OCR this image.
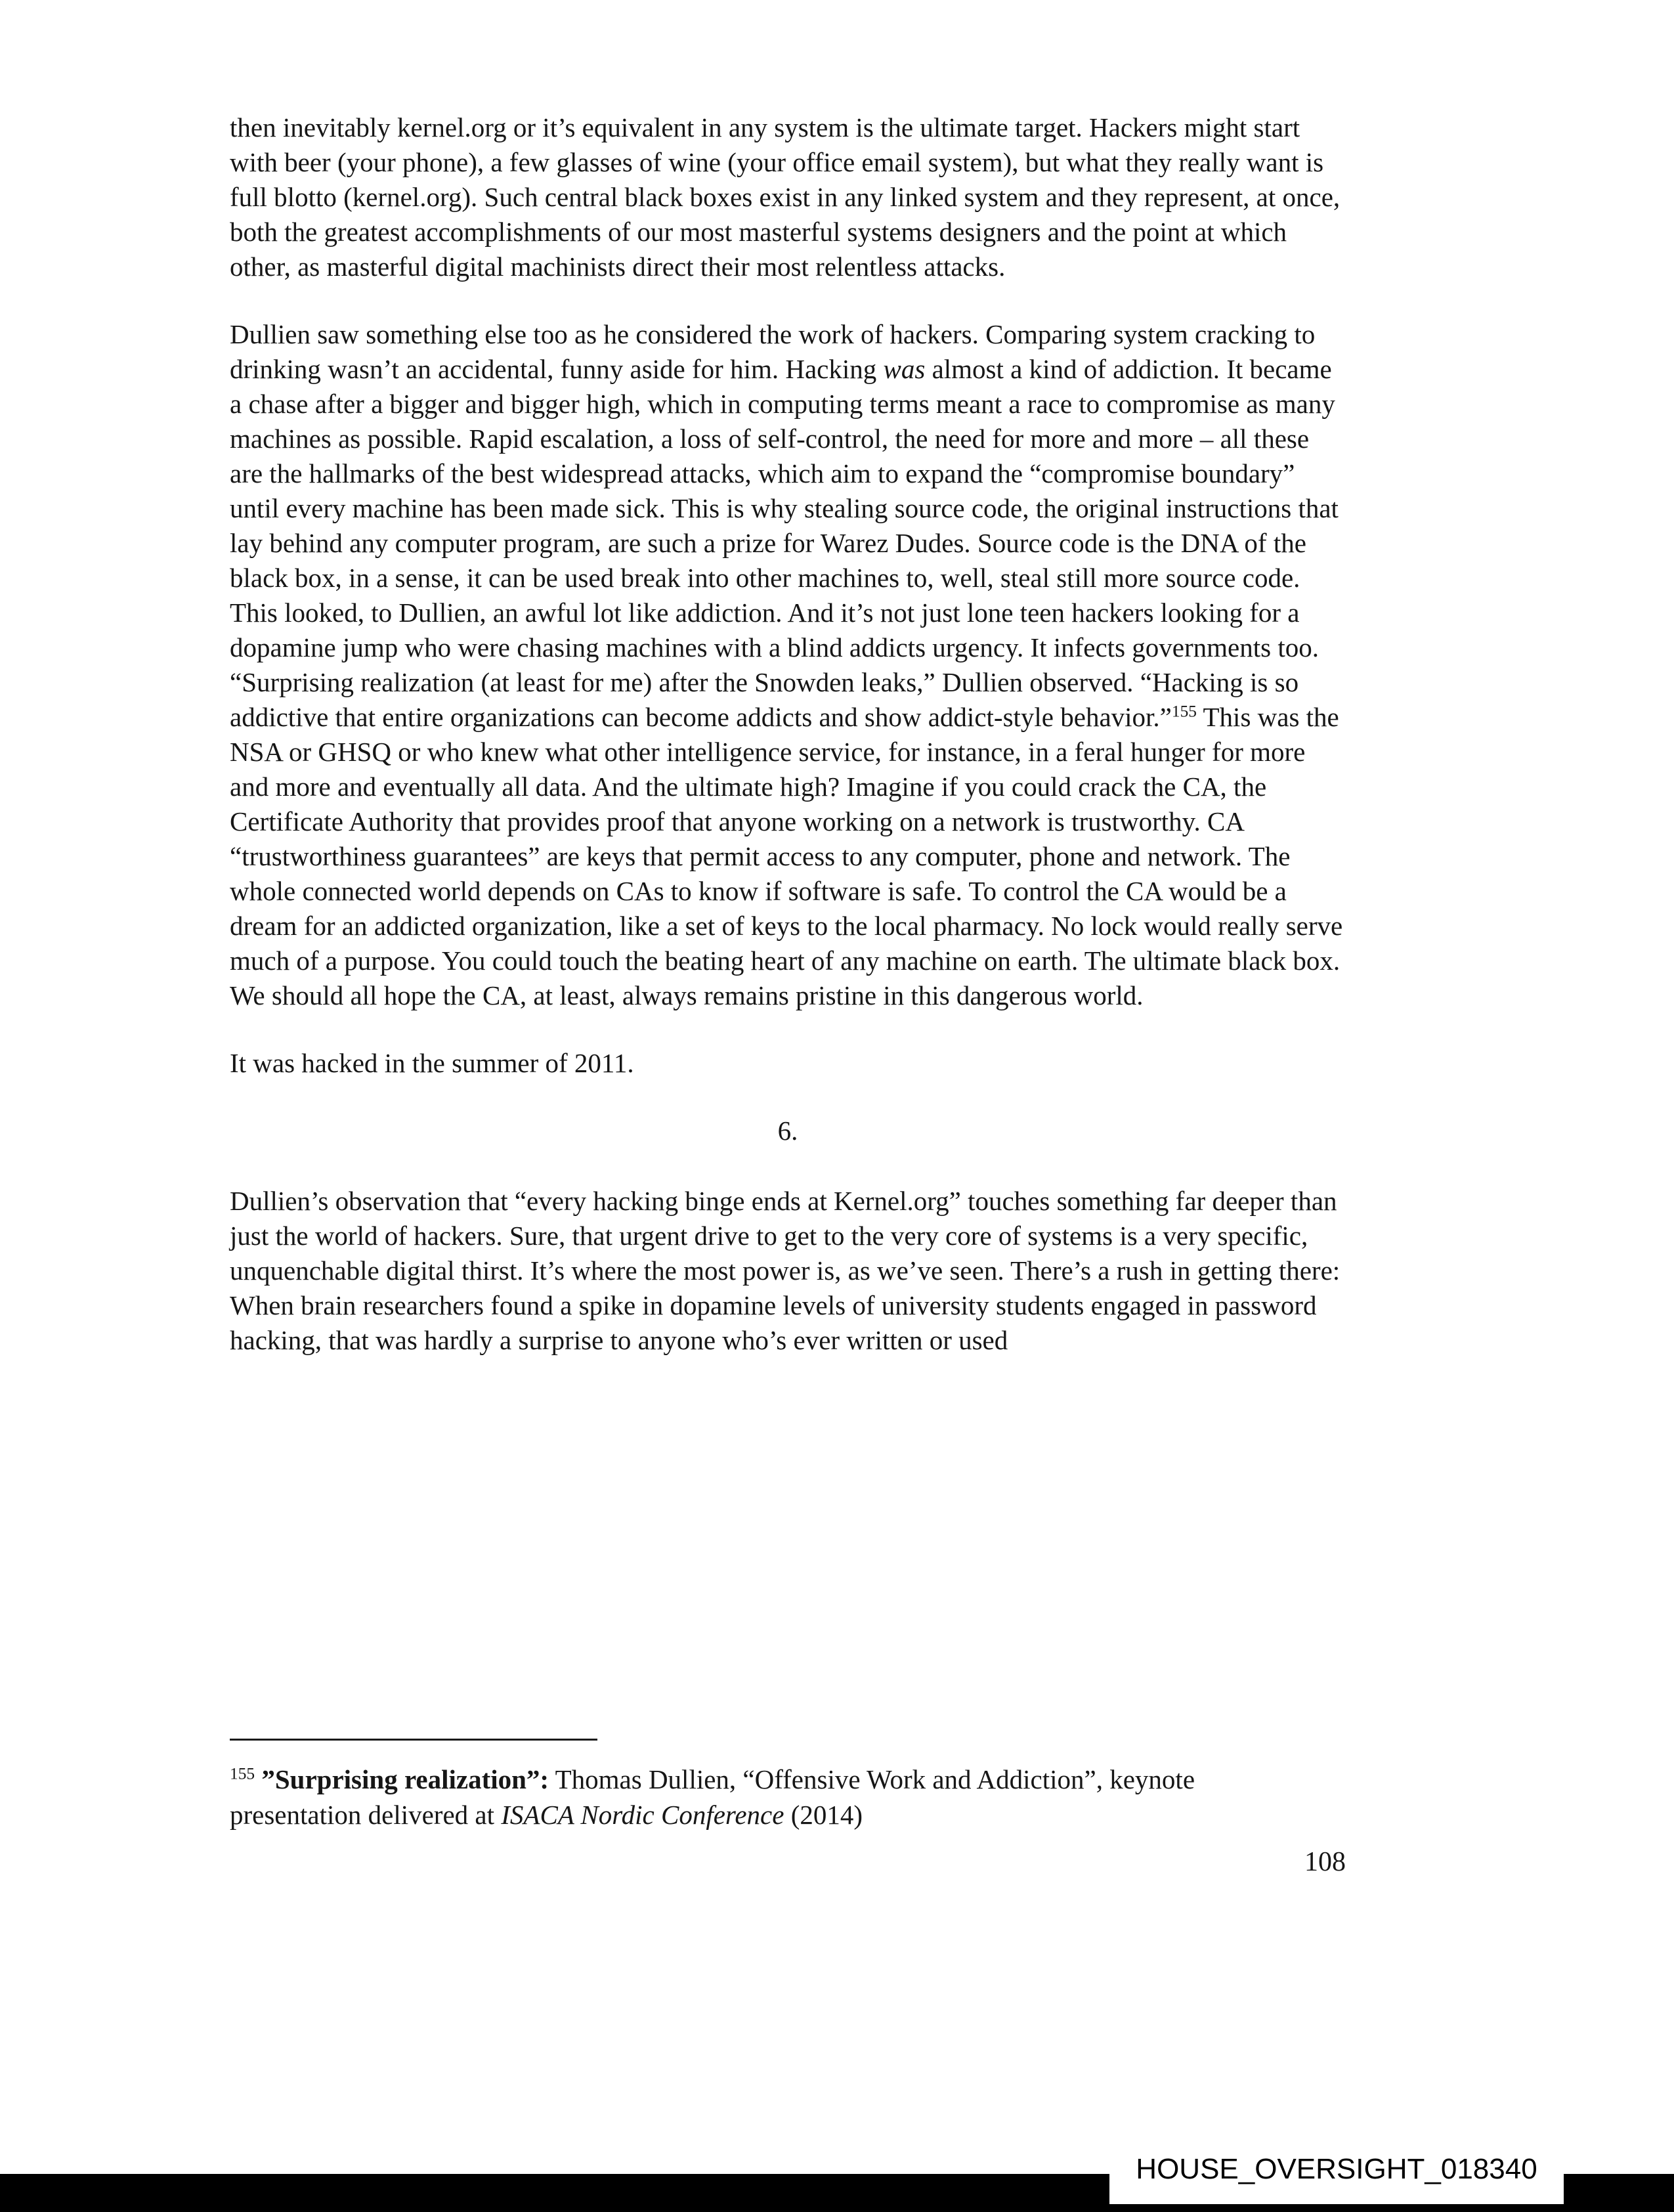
then inevitably kernel.org or it’s equivalent in any system is the ultimate target. Hackers might start with beer (your phone), a few glasses of wine (your office email system), but what they really want is full blotto (kernel.org). Such central black boxes exist in any linked system and they represent, at once, both the greatest accomplishments of our most masterful systems designers and the point at which other, as masterful digital machinists direct their most relentless attacks.

Dullien saw something else too as he considered the work of hackers. Comparing system cracking to drinking wasn’t an accidental, funny aside for him. Hacking was almost a kind of addiction. It became a chase after a bigger and bigger high, which in computing terms meant a race to compromise as many machines as possible. Rapid escalation, a loss of self-control, the need for more and more – all these are the hallmarks of the best widespread attacks, which aim to expand the “compromise boundary” until every machine has been made sick. This is why stealing source code, the original instructions that lay behind any computer program, are such a prize for Warez Dudes. Source code is the DNA of the black box, in a sense, it can be used break into other machines to, well, steal still more source code. This looked, to Dullien, an awful lot like addiction. And it’s not just lone teen hackers looking for a dopamine jump who were chasing machines with a blind addicts urgency. It infects governments too. “Surprising realization (at least for me) after the Snowden leaks,” Dullien observed. “Hacking is so addictive that entire organizations can become addicts and show addict-style behavior.”$^{155}$ This was the NSA or GHSQ or who knew what other intelligence service, for instance, in a feral hunger for more and more and eventually all data. And the ultimate high? Imagine if you could crack the CA, the Certificate Authority that provides proof that anyone working on a network is trustworthy. CA “trustworthiness guarantees” are keys that permit access to any computer, phone and network. The whole connected world depends on CAs to know if software is safe. To control the CA would be a dream for an addicted organization, like a set of keys to the local pharmacy. No lock would really serve much of a purpose. You could touch the beating heart of any machine on earth. The ultimate black box. We should all hope the CA, at least, always remains pristine in this dangerous world.

It was hacked in the summer of 2011.

6.

Dullien’s observation that “every hacking binge ends at Kernel.org” touches something far deeper than just the world of hackers. Sure, that urgent drive to get to the very core of systems is a very specific, unquenchable digital thirst. It’s where the most power is, as we’ve seen. There’s a rush in getting there: When brain researchers found a spike in dopamine levels of university students engaged in password hacking, that was hardly a surprise to anyone who’s ever written or used

$^{155}$ ”Surprising realization”: Thomas Dullien, “Offensive Work and Addiction”, keynote presentation delivered at ISACA Nordic Conference (2014)

108
HOUSE_OVERSIGHT_018340
